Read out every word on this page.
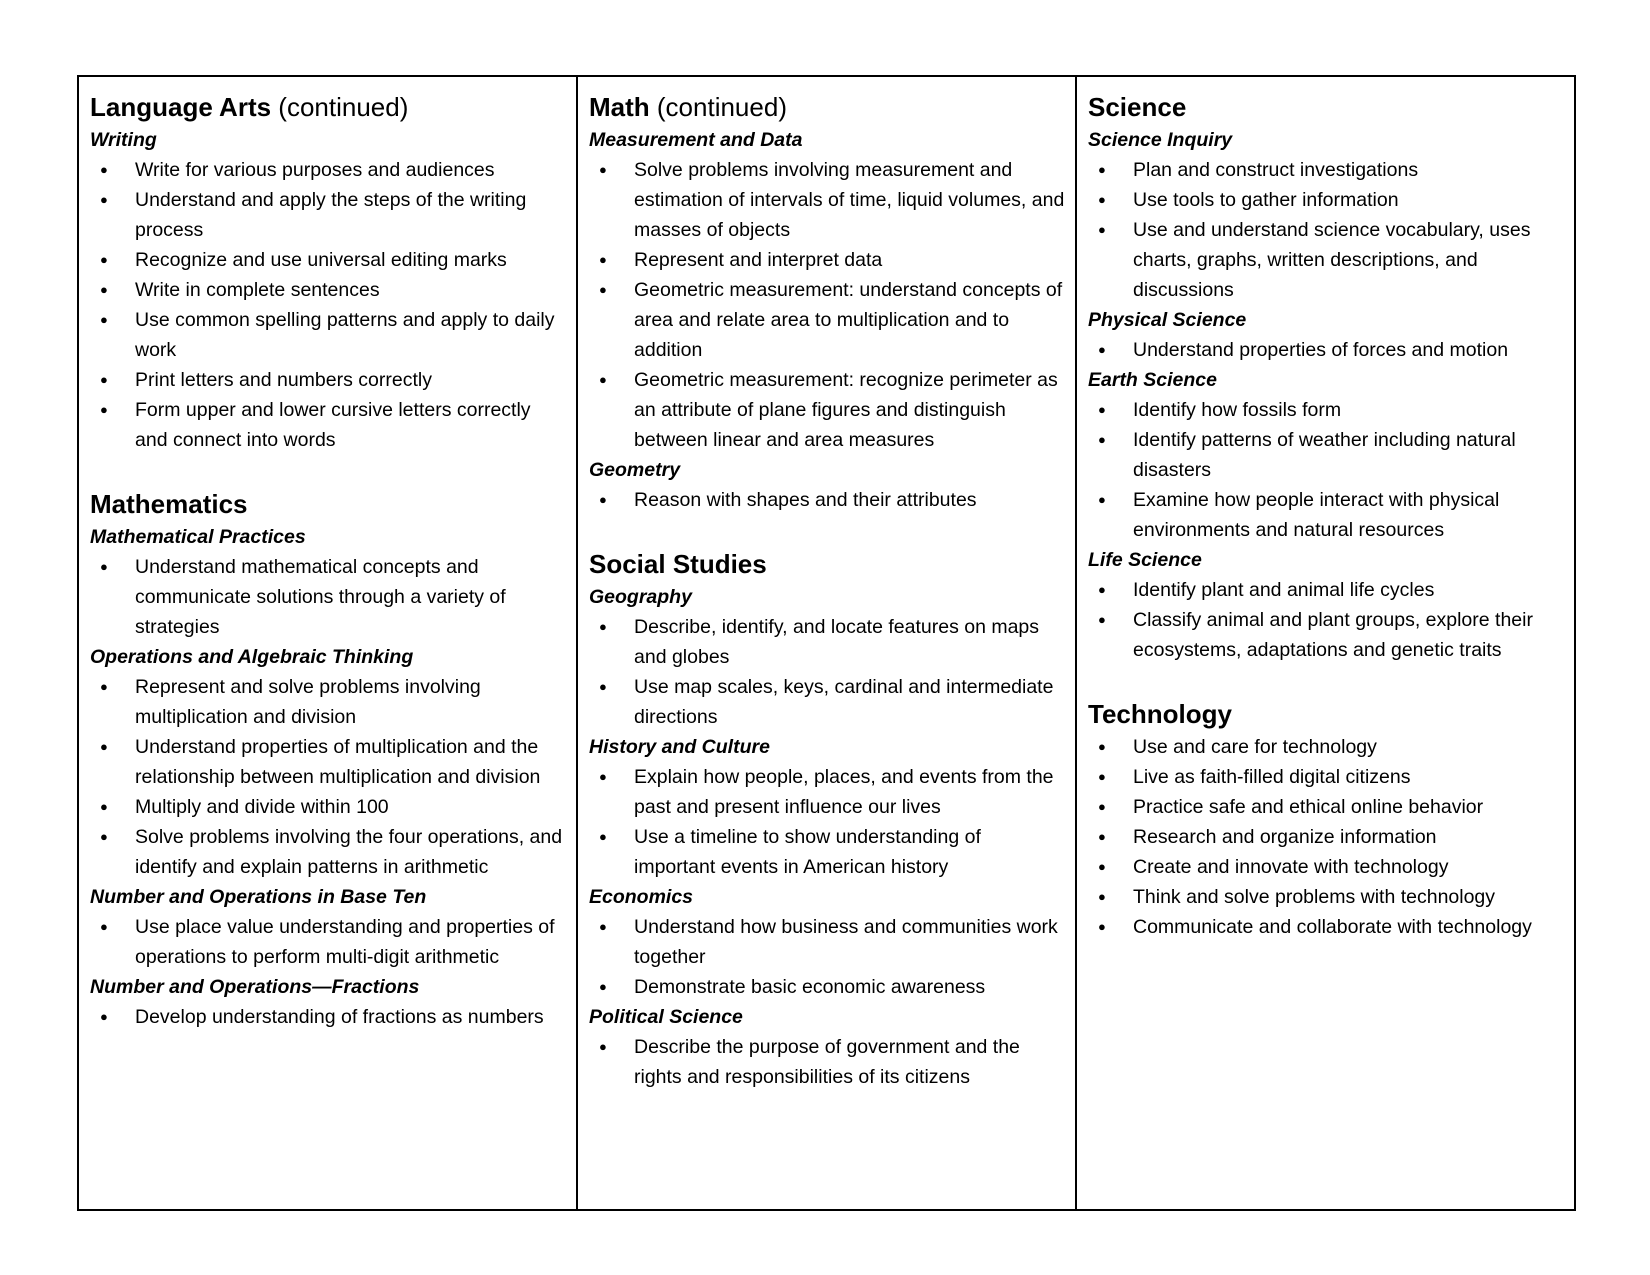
Language Arts (continued)
Writing
●	Write for various purposes and audiences
●	Understand and apply the steps of the writing process
●	Recognize and use universal editing marks
●	Write in complete sentences
●	Use common spelling patterns and apply to daily work
●	Print letters and numbers correctly
●	Form upper and lower cursive letters correctly and connect into words
Mathematics
Mathematical Practices
●	Understand mathematical concepts and communicate solutions through a variety of strategies
Operations and Algebraic Thinking
●	Represent and solve problems involving multiplication and division
●	Understand properties of multiplication and the relationship between multiplication and division
●	Multiply and divide within 100
●	Solve problems involving the four operations, and identify and explain patterns in arithmetic
Number and Operations in Base Ten
●	Use place value understanding and properties of operations to perform multi-digit arithmetic
Number and Operations—Fractions
●	Develop understanding of fractions as numbers
Math (continued)
Measurement and Data
●	Solve problems involving measurement and estimation of intervals of time, liquid volumes, and masses of objects
●	Represent and interpret data
●	Geometric measurement: understand concepts of area and relate area to multiplication and to addition
●	Geometric measurement: recognize perimeter as an attribute of plane figures and distinguish between linear and area measures
Geometry
●	Reason with shapes and their attributes
Social Studies
Geography
●	Describe, identify, and locate features on maps and globes
●	Use map scales, keys, cardinal and intermediate directions
History and Culture
●	Explain how people, places, and events from the past and present influence our lives
●	Use a timeline to show understanding of important events in American history
Economics
●	Understand how business and communities work together
●	Demonstrate basic economic awareness
Political Science
●	Describe the purpose of government and the rights and responsibilities of its citizens
Science
Science Inquiry
●	Plan and construct investigations
●	Use tools to gather information
●	Use and understand science vocabulary, uses charts, graphs, written descriptions, and discussions
Physical Science
●	Understand properties of forces and motion
Earth Science
●	Identify how fossils form
●	Identify patterns of weather including natural disasters
●	Examine how people interact with physical environments and natural resources
Life Science
●	Identify plant and animal life cycles
●	Classify animal and plant groups, explore their ecosystems, adaptations and genetic traits
Technology
●	Use and care for technology
●	Live as faith-filled digital citizens
●	Practice safe and ethical online behavior
●	Research and organize information
●	Create and innovate with technology
●	Think and solve problems with technology
●	Communicate and collaborate with technology
